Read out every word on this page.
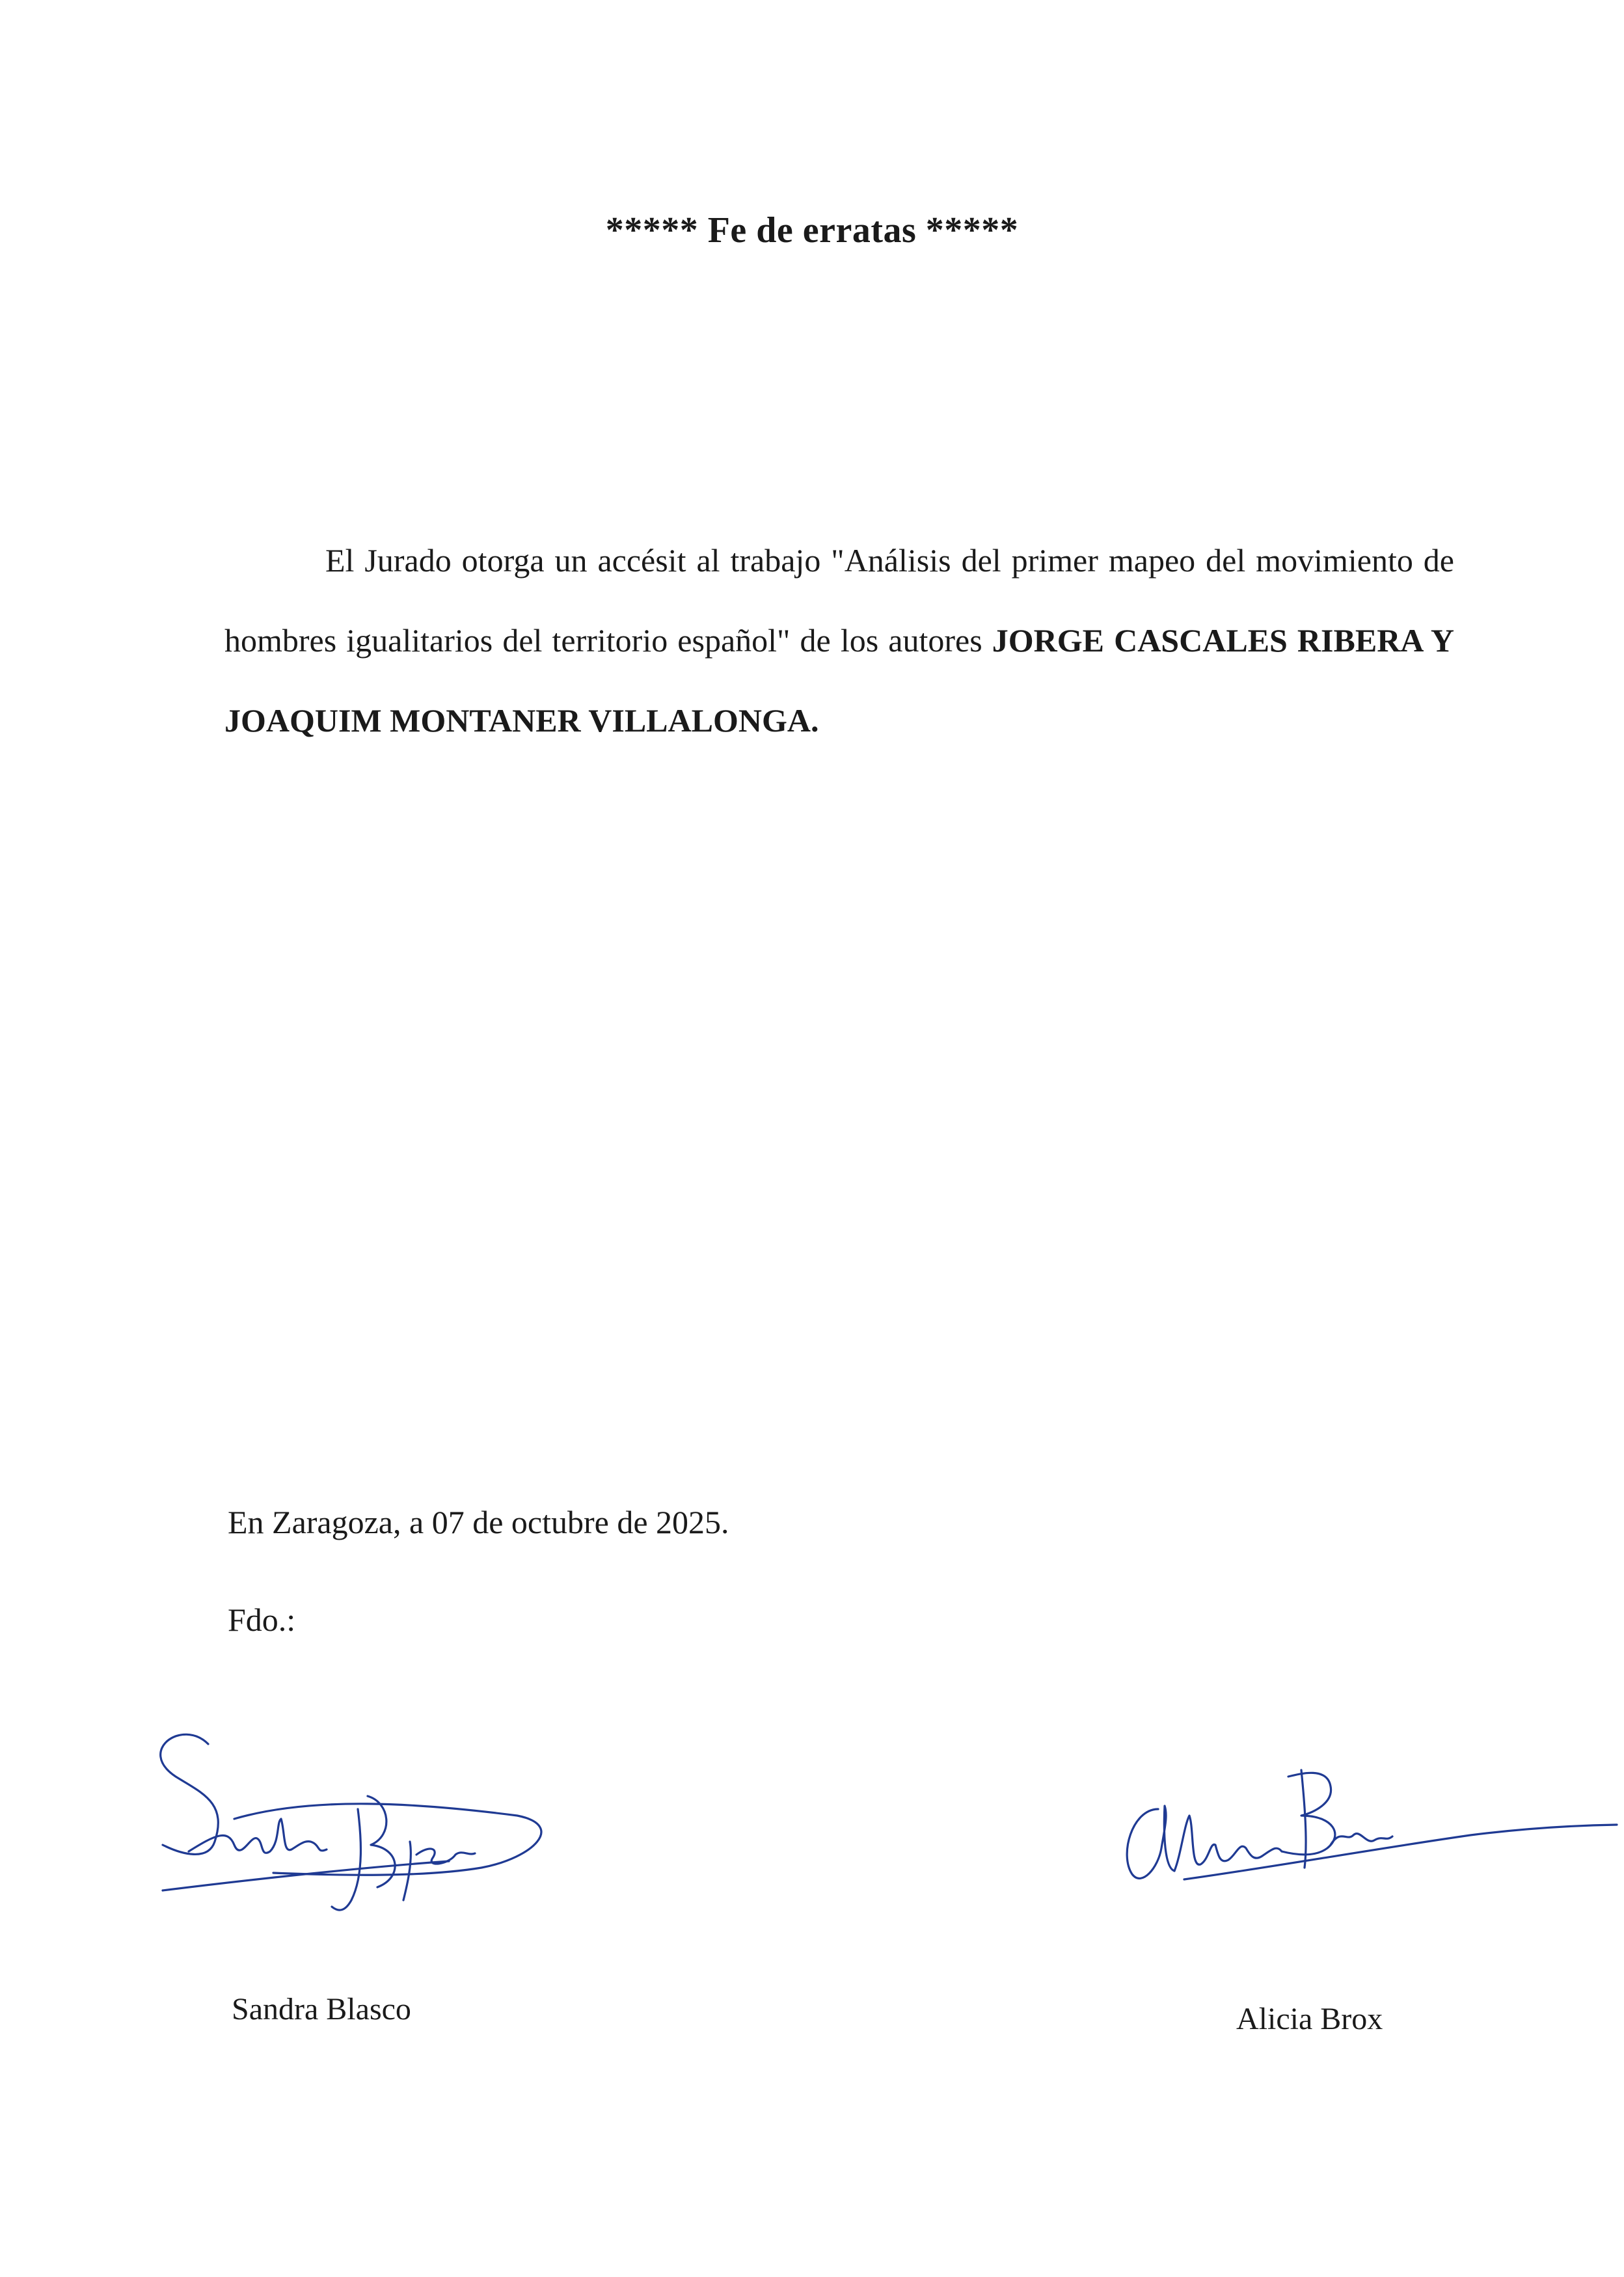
***** Fe de erratas *****

El Jurado otorga un accésit al trabajo "Análisis del primer mapeo del movimiento de hombres igualitarios del territorio español" de los autores JORGE CASCALES RIBERA Y JOAQUIM MONTANER VILLALONGA.

En Zaragoza, a 07 de octubre de 2025.
Fdo.:
Sandra Blasco	Alicia Brox
